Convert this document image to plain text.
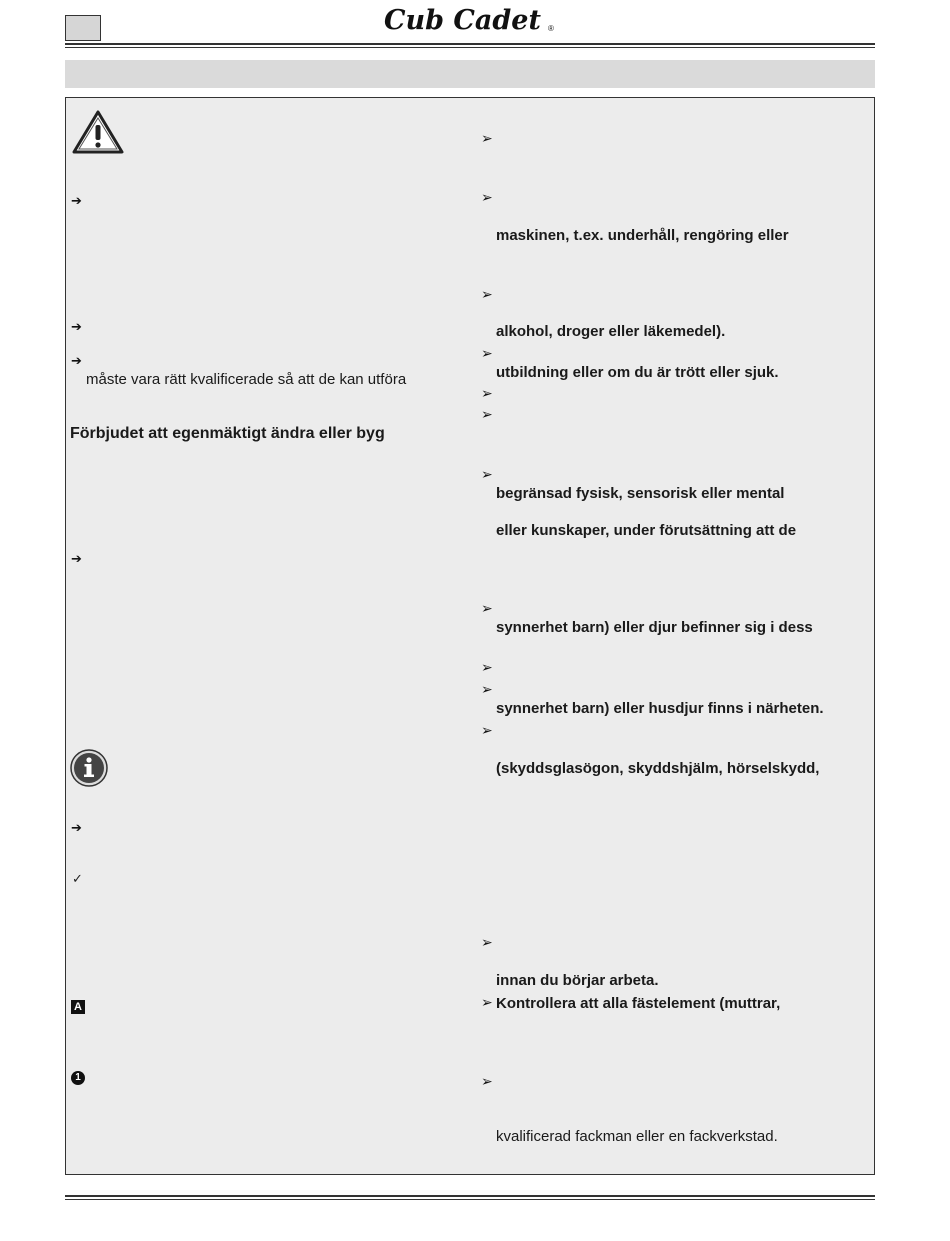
Cub Cadet ®
➔
➔
➔
måste vara rätt kvalificerade så att de kan utföra
Förbjudet att egenmäktigt ändra eller byg
➔
➔
✓
A
1
➢
➢
maskinen, t.ex. underhåll, rengöring eller
➢
alkohol, droger eller läkemedel).
➢
utbildning eller om du är trött eller sjuk.
➢
➢
➢
begränsad fysisk, sensorisk eller mental
eller kunskaper, under förutsättning att de
➢
synnerhet barn) eller djur befinner sig i dess
➢
➢
synnerhet barn) eller husdjur finns i närheten.
➢
(skyddsglasögon, skyddshjälm, hörselskydd,
➢
innan du börjar arbeta.
➢ Kontrollera att alla fästelement (muttrar,
➢
kvalificerad fackman eller en fackverkstad.
